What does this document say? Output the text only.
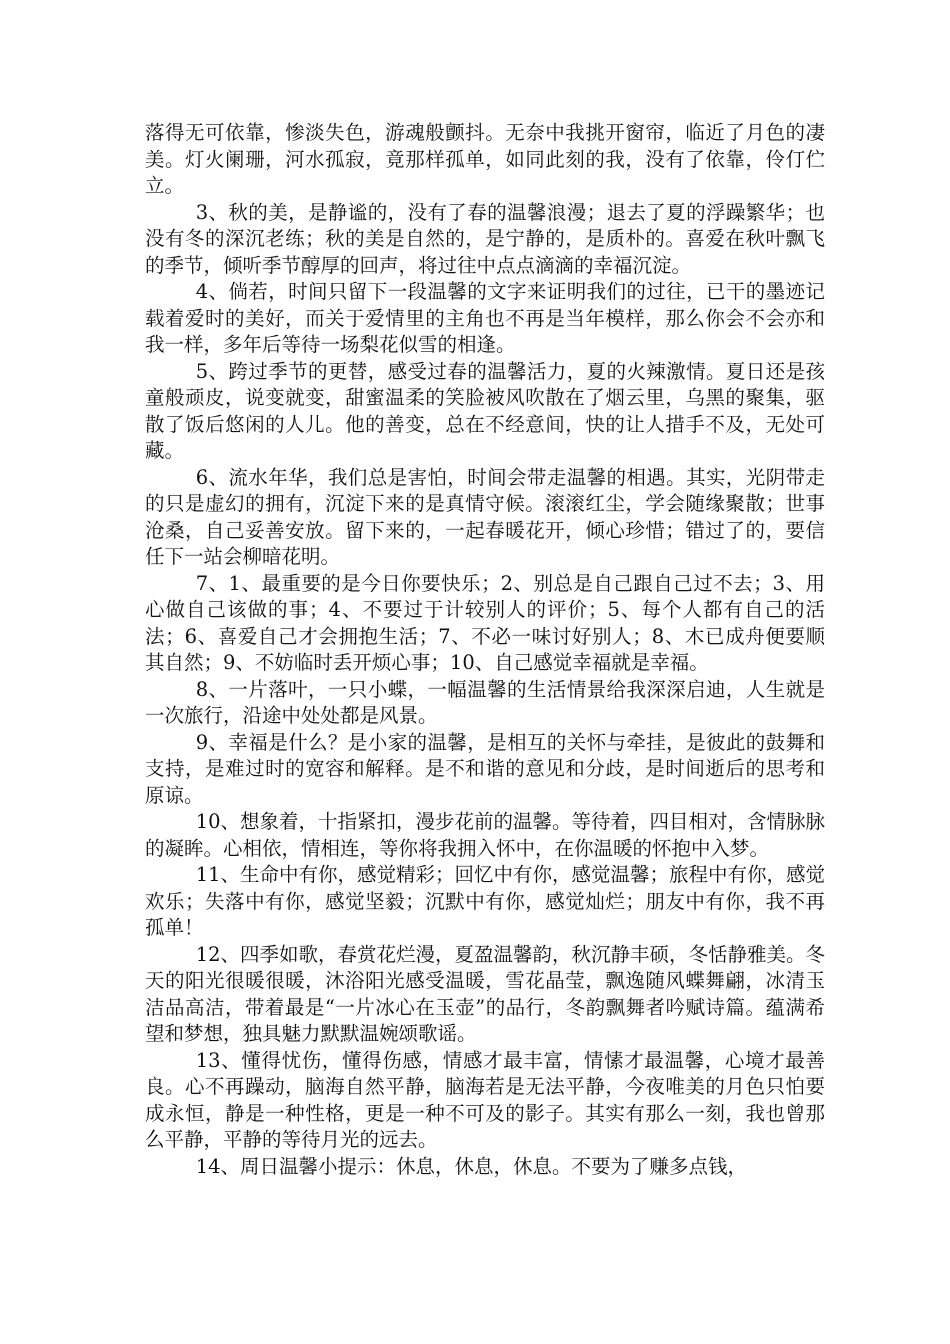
落得无可依靠，惨淡失色，游魂般颤抖。无奈中我挑开窗帘，临近了月色的凄美。灯火阑珊，河水孤寂，竟那样孤单，如同此刻的我，没有了依靠，伶仃伫立。

3、秋的美，是静谧的，没有了春的温馨浪漫；退去了夏的浮躁繁华；也没有冬的深沉老练；秋的美是自然的，是宁静的，是质朴的。喜爱在秋叶飘飞的季节，倾听季节醇厚的回声，将过往中点点滴滴的幸福沉淀。

4、倘若，时间只留下一段温馨的文字来证明我们的过往，已干的墨迹记载着爱时的美好，而关于爱情里的主角也不再是当年模样，那么你会不会亦和我一样，多年后等待一场梨花似雪的相逢。

5、跨过季节的更替，感受过春的温馨活力，夏的火辣激情。夏日还是孩童般顽皮，说变就变，甜蜜温柔的笑脸被风吹散在了烟云里，乌黑的聚集，驱散了饭后悠闲的人儿。他的善变，总在不经意间，快的让人措手不及，无处可藏。

6、流水年华，我们总是害怕，时间会带走温馨的相遇。其实，光阴带走的只是虚幻的拥有，沉淀下来的是真情守候。滚滚红尘，学会随缘聚散；世事沧桑，自己妥善安放。留下来的，一起春暖花开，倾心珍惜；错过了的，要信任下一站会柳暗花明。

7、1、最重要的是今日你要快乐；2、别总是自己跟自己过不去；3、用心做自己该做的事；4、不要过于计较别人的评价；5、每个人都有自己的活法；6、喜爱自己才会拥抱生活；7、不必一味讨好别人；8、木已成舟便要顺其自然；9、不妨临时丢开烦心事；10、自己感觉幸福就是幸福。

8、一片落叶，一只小蝶，一幅温馨的生活情景给我深深启迪，人生就是一次旅行，沿途中处处都是风景。

9、幸福是什么？是小家的温馨，是相互的关怀与牵挂，是彼此的鼓舞和支持，是难过时的宽容和解释。是不和谐的意见和分歧，是时间逝后的思考和原谅。

10、想象着，十指紧扣，漫步花前的温馨。等待着，四目相对，含情脉脉的凝眸。心相依，情相连，等你将我拥入怀中，在你温暖的怀抱中入梦。

11、生命中有你，感觉精彩；回忆中有你，感觉温馨；旅程中有你，感觉欢乐；失落中有你，感觉坚毅；沉默中有你，感觉灿烂；朋友中有你，我不再孤单！

12、四季如歌，春赏花烂漫，夏盈温馨韵，秋沉静丰硕，冬恬静雅美。冬天的阳光很暖很暖，沐浴阳光感受温暖，雪花晶莹，飘逸随风蝶舞翩，冰清玉洁品高洁，带着最是“一片冰心在玉壶”的品行，冬韵飘舞者吟赋诗篇。蕴满希望和梦想，独具魅力默默温婉颂歌谣。

13、懂得忧伤，懂得伤感，情感才最丰富，情愫才最温馨，心境才最善良。心不再躁动，脑海自然平静，脑海若是无法平静，今夜唯美的月色只怕要成永恒，静是一种性格，更是一种不可及的影子。其实有那么一刻，我也曾那么平静，平静的等待月光的远去。

14、周日温馨小提示：休息，休息，休息。不要为了赚多点钱，
